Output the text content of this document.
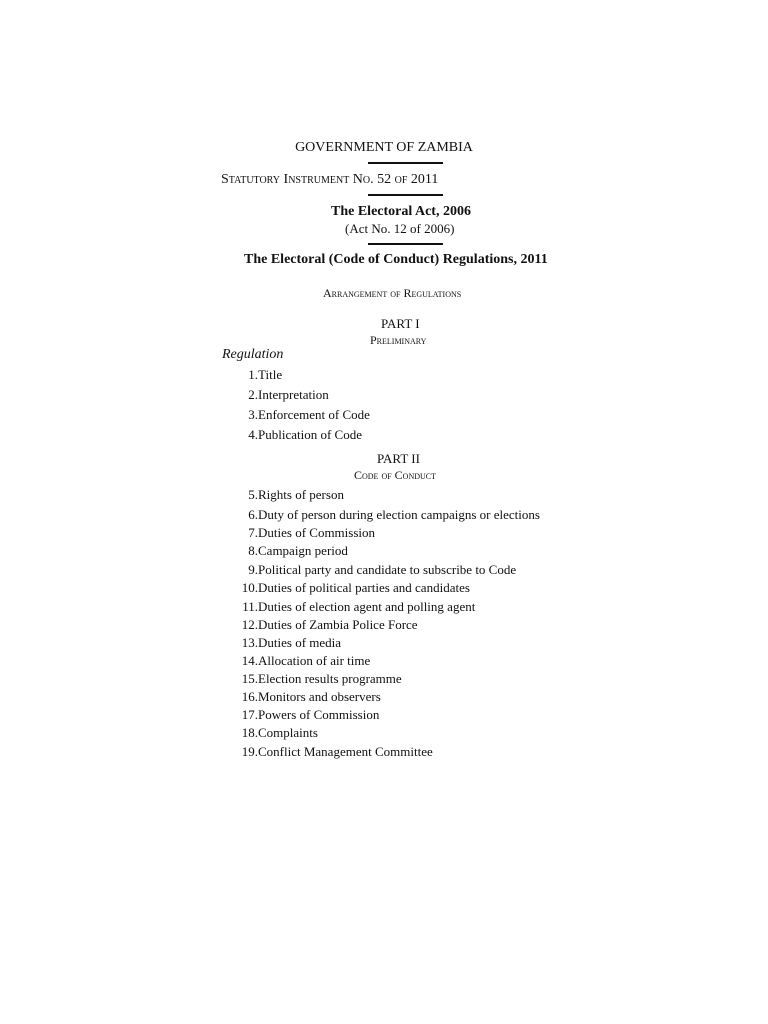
GOVERNMENT OF ZAMBIA
Statutory Instrument No. 52 of 2011
The Electoral Act, 2006
(Act No. 12 of 2006)
The Electoral (Code of Conduct) Regulations, 2011
Arrangement of Regulations
PART I
Preliminary
Regulation
1. Title
2. Interpretation
3. Enforcement of Code
4. Publication of Code
PART II
Code of Conduct
5. Rights of person
6. Duty of person during election campaigns or elections
7. Duties of Commission
8. Campaign period
9. Political party and candidate to subscribe to Code
10. Duties of political parties and candidates
11. Duties of election agent and polling agent
12. Duties of Zambia Police Force
13. Duties of media
14. Allocation of air time
15. Election results programme
16. Monitors and observers
17. Powers of Commission
18. Complaints
19. Conflict Management Committee
